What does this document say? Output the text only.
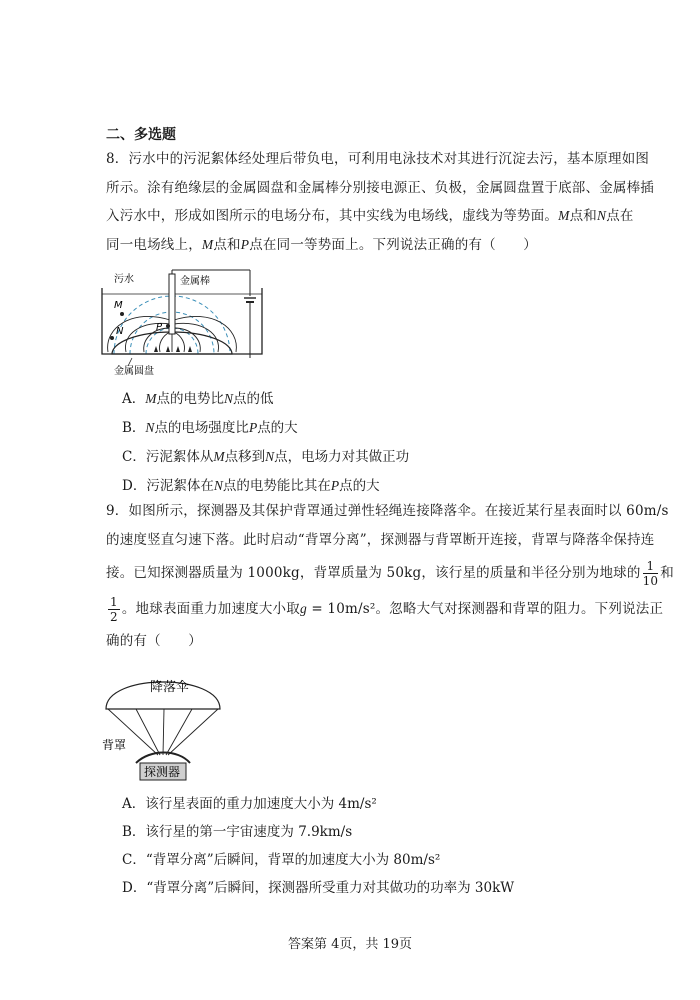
二、多选题
8．污水中的污泥絮体经处理后带负电，可利用电泳技术对其进行沉淀去污，基本原理如图
所示。涂有绝缘层的金属圆盘和金属棒分别接电源正、负极，金属圆盘置于底部、金属棒插
入污水中，形成如图所示的电场分布，其中实线为电场线，虚线为等势面。M点和N点在
同一电场线上，M点和P点在同一等势面上。下列说法正确的有（　　）
污水	金属棒
M
N	P
金属圆盘
A．M点的电势比N点的低
B．N点的电场强度比P点的大
C．污泥絮体从M点移到N点，电场力对其做正功
D．污泥絮体在N点的电势能比其在P点的大
9．如图所示，探测器及其保护背罩通过弹性轻绳连接降落伞。在接近某行星表面时以 60m/s
的速度竖直匀速下落。此时启动“背罩分离”，探测器与背罩断开连接，背罩与降落伞保持连
接。已知探测器质量为 1000kg，背罩质量为 50kg，该行星的质量和半径分别为地球的 $\frac{1}{10}$ 和
$\frac{1}{2}$ 。地球表面重力加速度大小取g = 10m/s²。忽略大气对探测器和背罩的阻力。下列说法正
确的有（　　）
降落伞
背罩
探测器
A．该行星表面的重力加速度大小为 4m/s²
B．该行星的第一宇宙速度为 7.9km/s
C．“背罩分离”后瞬间，背罩的加速度大小为 80m/s²
D．“背罩分离”后瞬间，探测器所受重力对其做功的功率为 30kW
答案第 4页，共 19页
